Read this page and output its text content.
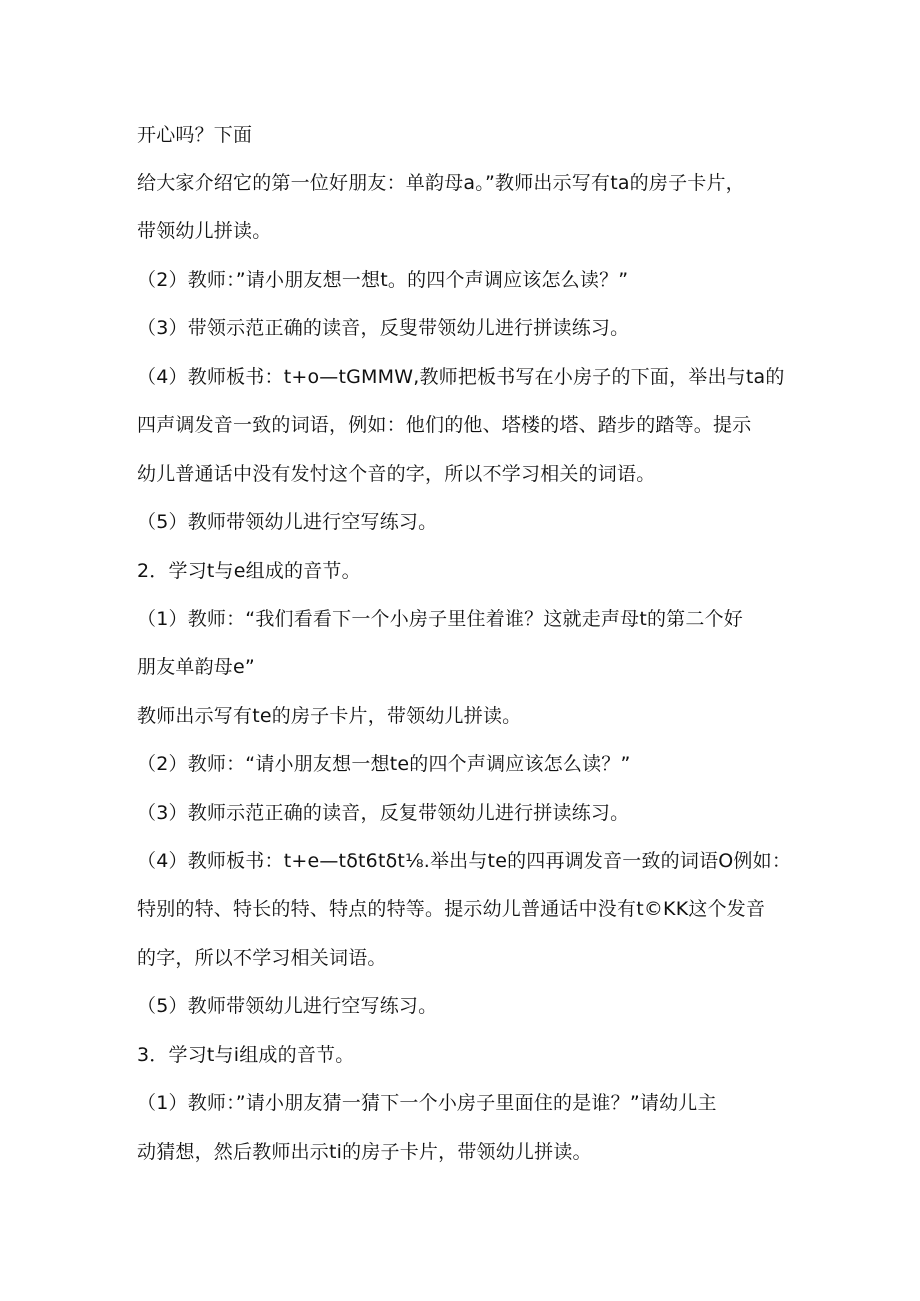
开心吗？下面
给大家介绍它的第一位好朋友：单韵母a。”教师出示写有ta的房子卡片，
带领幼儿拼读。
（2）教师：”请小朋友想一想t。的四个声调应该怎么读？”
（3）带领示范正确的读音，反叟带领幼儿进行拼读练习。
（4）教师板书：t+o—tGMMW,教师把板书写在小房子的下面，举出与ta的
四声调发音一致的词语，例如：他们的他、塔楼的塔、踏步的踏等。提示
幼儿普通话中没有发忖这个音的字，所以不学习相关的词语。
（5）教师带领幼儿进行空写练习。
2．学习t与e组成的音节。
（1）教师：“我们看看下一个小房子里住着谁？这就走声母t的第二个好
朋友单韵母e”
教师出示写有te的房子卡片，带领幼儿拼读。
（2）教师：“请小朋友想一想te的四个声调应该怎么读？”
（3）教师示范正确的读音，反复带领幼儿进行拼读练习。
（4）教师板书：t+e—tδt6tδt⅛.举出与te的四再调发音一致的词语O例如：
特别的特、特长的特、特点的特等。提示幼儿普通话中没有t©KK这个发音
的字，所以不学习相关词语。
（5）教师带领幼儿进行空写练习。
3．学习t与i组成的音节。
（1）教师：”请小朋友猜一猜下一个小房子里面住的是谁？”请幼儿主
动猜想，然后教师出示ti的房子卡片，带领幼儿拼读。
